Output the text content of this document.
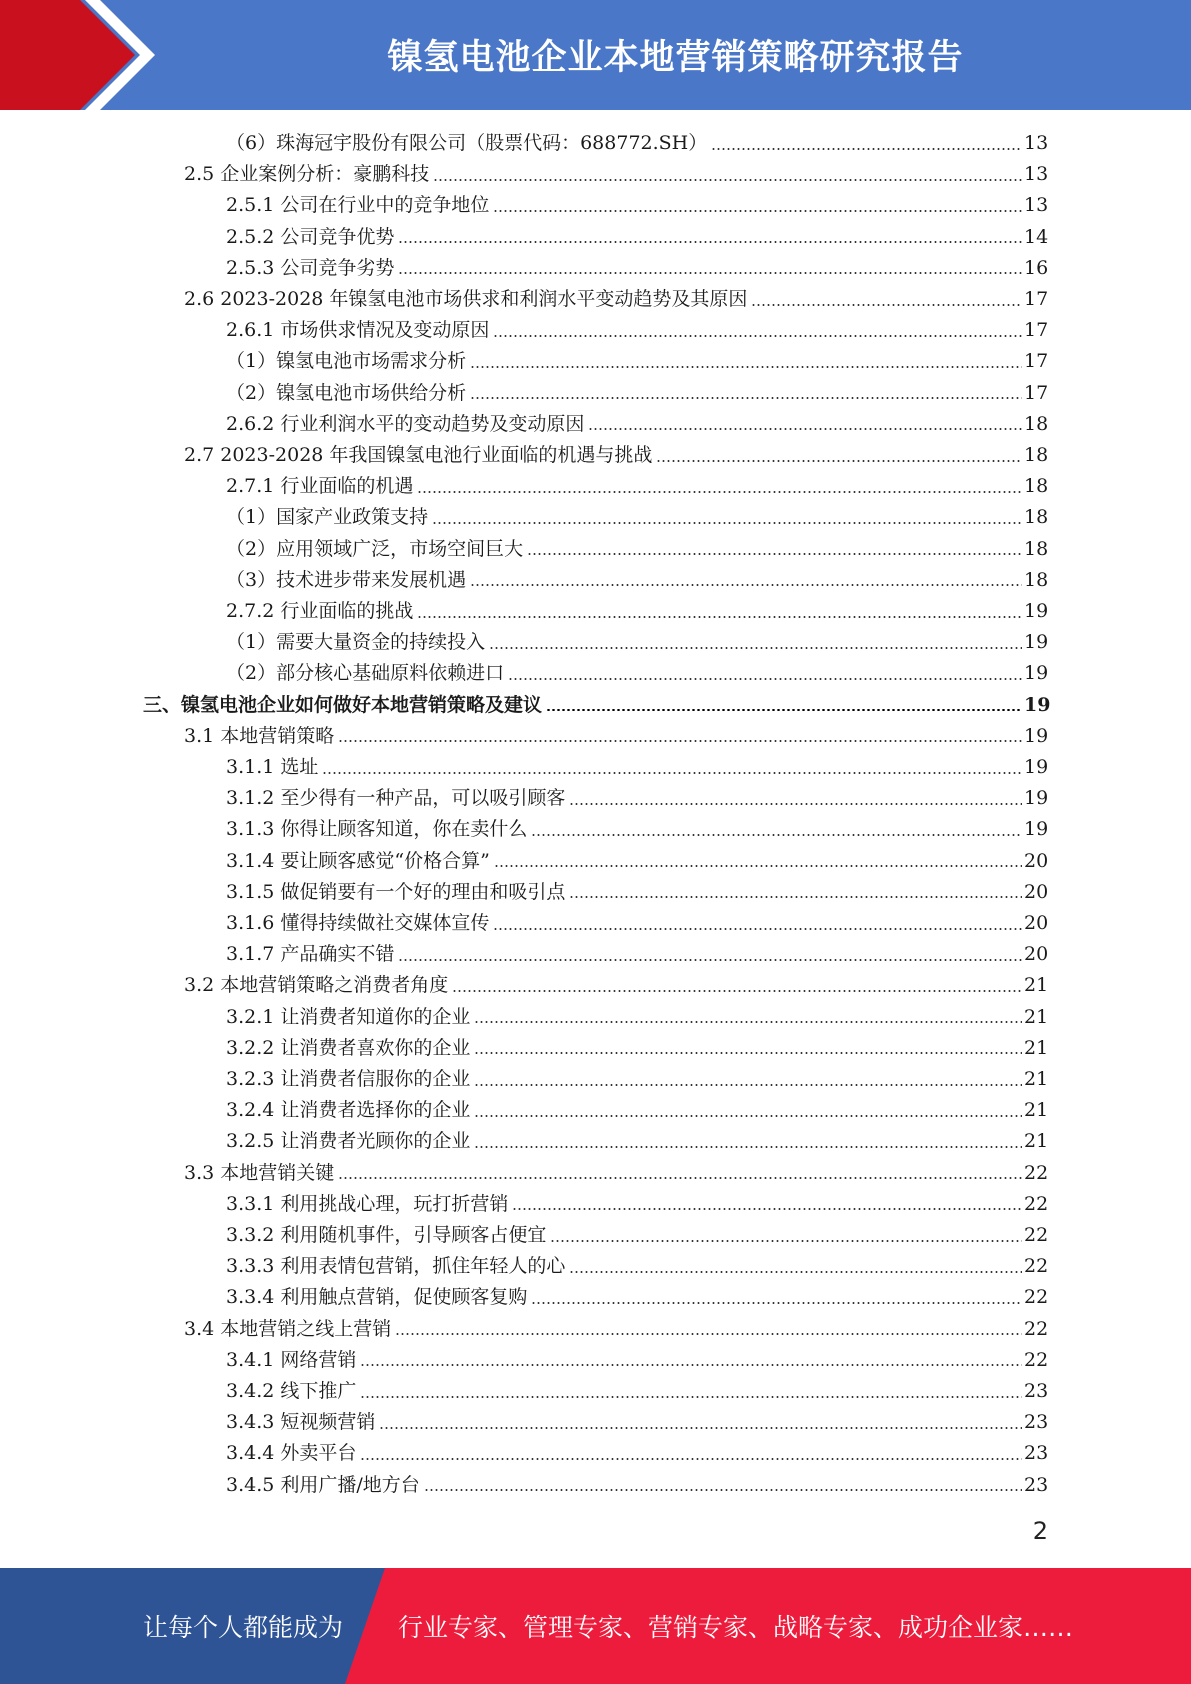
镍氢电池企业本地营销策略研究报告
（6）珠海冠宇股份有限公司（股票代码：688772.SH）	13
2.5 企业案例分析：豪鹏科技	13
2.5.1 公司在行业中的竞争地位	13
2.5.2 公司竞争优势	14
2.5.3 公司竞争劣势	16
2.6 2023-2028 年镍氢电池市场供求和利润水平变动趋势及其原因	17
2.6.1 市场供求情况及变动原因	17
（1）镍氢电池市场需求分析	17
（2）镍氢电池市场供给分析	17
2.6.2 行业利润水平的变动趋势及变动原因	18
2.7 2023-2028 年我国镍氢电池行业面临的机遇与挑战	18
2.7.1 行业面临的机遇	18
（1）国家产业政策支持	18
（2）应用领域广泛，市场空间巨大	18
（3）技术进步带来发展机遇	18
2.7.2 行业面临的挑战	19
（1）需要大量资金的持续投入	19
（2）部分核心基础原料依赖进口	19
三、镍氢电池企业如何做好本地营销策略及建议	19
3.1 本地营销策略	19
3.1.1 选址	19
3.1.2 至少得有一种产品，可以吸引顾客	19
3.1.3 你得让顾客知道，你在卖什么	19
3.1.4 要让顾客感觉“价格合算”	20
3.1.5 做促销要有一个好的理由和吸引点	20
3.1.6 懂得持续做社交媒体宣传	20
3.1.7 产品确实不错	20
3.2 本地营销策略之消费者角度	21
3.2.1 让消费者知道你的企业	21
3.2.2 让消费者喜欢你的企业	21
3.2.3 让消费者信服你的企业	21
3.2.4 让消费者选择你的企业	21
3.2.5 让消费者光顾你的企业	21
3.3 本地营销关键	22
3.3.1 利用挑战心理，玩打折营销	22
3.3.2 利用随机事件，引导顾客占便宜	22
3.3.3 利用表情包营销，抓住年轻人的心	22
3.3.4 利用触点营销，促使顾客复购	22
3.4 本地营销之线上营销	22
3.4.1 网络营销	22
3.4.2 线下推广	23
3.4.3 短视频营销	23
3.4.4 外卖平台	23
3.4.5 利用广播/地方台	23
2
让每个人都能成为 行业专家、管理专家、营销专家、战略专家、成功企业家……
